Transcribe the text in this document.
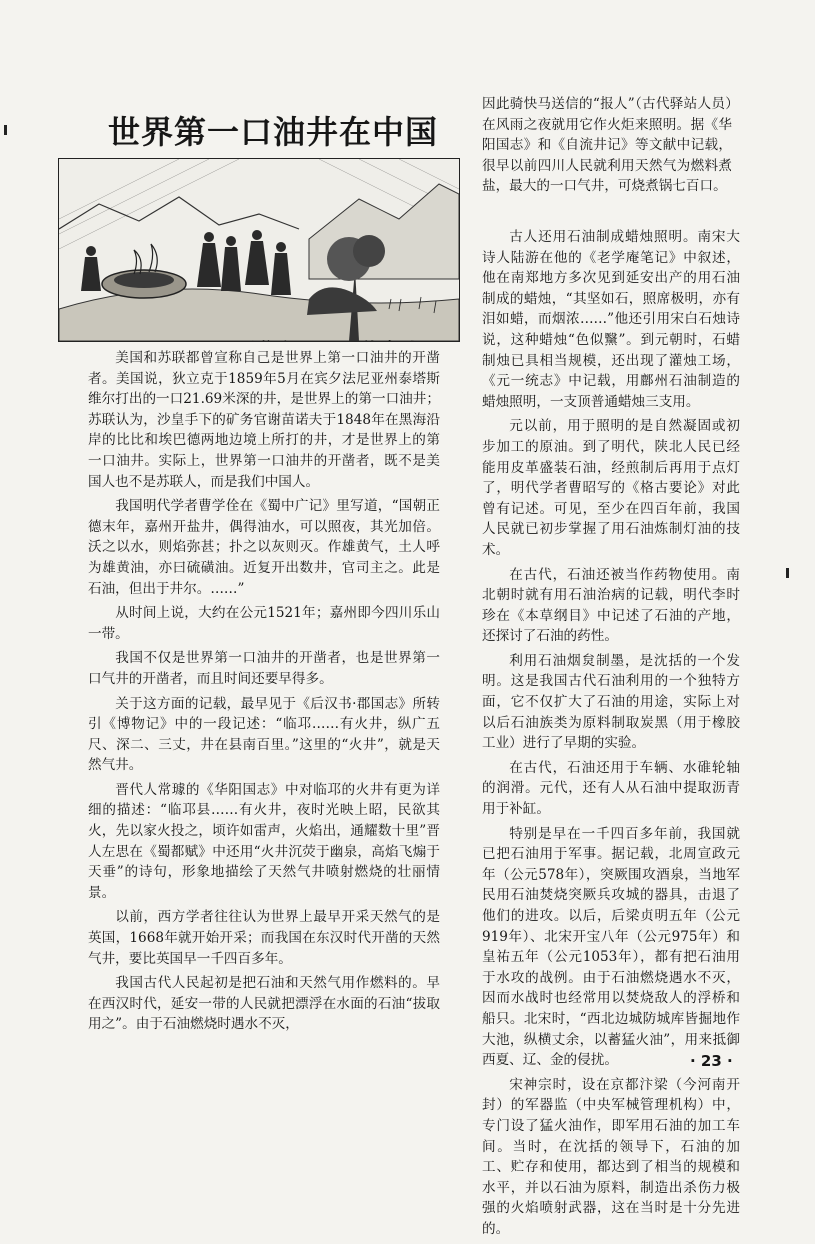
世界第一口油井在中国

美国和苏联都曾宣称自己是世界上第一口油井的开凿者。美国说，狄立克于1859年5月在宾夕法尼亚州泰塔斯维尔打出的一口21.69米深的井，是世界上的第一口油井；苏联认为，沙皇手下的矿务官谢苗诺夫于1848年在黑海沿岸的比比和埃巴德两地边境上所打的井，才是世界上的第一口油井。实际上，世界第一口油井的开凿者，既不是美国人也不是苏联人，而是我们中国人。

我国明代学者曹学佺在《蜀中广记》里写道，“国朝正德末年，嘉州开盐井，偶得油水，可以照夜，其光加倍。沃之以水，则焰弥甚；扑之以灰则灭。作雄黄气，土人呼为雄黄油，亦曰硫磺油。近复开出数井，官司主之。此是石油，但出于井尔。……”

从时间上说，大约在公元1521年；嘉州即今四川乐山一带。

我国不仅是世界第一口油井的开凿者，也是世界第一口气井的开凿者，而且时间还要早得多。

关于这方面的记载，最早见于《后汉书·郡国志》所转引《博物记》中的一段记述：“临邛……有火井，纵广五尺、深二、三丈，井在县南百里。”这里的“火井”，就是天然气井。

晋代人常璩的《华阳国志》中对临邛的火井有更为详细的描述：“临邛县……有火井，夜时光映上昭，民欲其火，先以家火投之，顷许如雷声，火焰出，通耀数十里”晋人左思在《蜀都赋》中还用“火井沉荧于幽泉，高焰飞煽于天垂”的诗句，形象地描绘了天然气井喷射燃烧的壮丽情景。

以前，西方学者往往认为世界上最早开采天然气的是英国，1668年就开始开采；而我国在东汉时代开凿的天然气井，要比英国早一千四百多年。

我国古代人民起初是把石油和天然气用作燃料的。早在西汉时代，延安一带的人民就把漂浮在水面的石油“拔取用之”。由于石油燃烧时遇水不灭，

因此骑快马送信的“报人”（古代驿站人员）在风雨之夜就用它作火炬来照明。据《华阳国志》和《自流井记》等文献中记载，很早以前四川人民就利用天然气为燃料煮盐，最大的一口气井，可烧煮锅七百口。

古人还用石油制成蜡烛照明。南宋大诗人陆游在他的《老学庵笔记》中叙述，他在南郑地方多次见到延安出产的用石油制成的蜡烛，“其坚如石，照席极明，亦有泪如蜡，而烟浓……”他还引用宋白石烛诗说，这种蜡烛“色似黳”。到元朝时，石蜡制烛已具相当规模，还出现了灌烛工场，《元一统志》中记载，用鄜州石油制造的蜡烛照明，一支顶普通蜡烛三支用。

元以前，用于照明的是自然凝固或初步加工的原油。到了明代，陕北人民已经能用皮革盛装石油，经煎制后再用于点灯了，明代学者曹昭写的《格古要论》对此曾有记述。可见，至少在四百年前，我国人民就已初步掌握了用石油炼制灯油的技术。

在古代，石油还被当作药物使用。南北朝时就有用石油治病的记载，明代李时珍在《本草纲目》中记述了石油的产地，还探讨了石油的药性。

利用石油烟炱制墨，是沈括的一个发明。这是我国古代石油利用的一个独特方面，它不仅扩大了石油的用途，实际上对以后石油族类为原料制取炭黑（用于橡胶工业）进行了早期的实验。

在古代，石油还用于车辆、水碓轮轴的润滑。元代，还有人从石油中提取沥青用于补缸。

特别是早在一千四百多年前，我国就已把石油用于军事。据记载，北周宣政元年（公元578年），突厥围攻酒泉，当地军民用石油焚烧突厥兵攻城的器具，击退了他们的进攻。以后，后梁贞明五年（公元919年）、北宋开宝八年（公元975年）和皇祐五年（公元1053年），都有把石油用于水攻的战例。由于石油燃烧遇水不灭，因而水战时也经常用以焚烧敌人的浮桥和船只。北宋时，“西北边城防城库皆掘地作大池，纵横丈余，以蓄猛火油”，用来抵御西夏、辽、金的侵扰。

宋神宗时，设在京都汴梁（今河南开封）的军器监（中央军械管理机构）中，专门设了猛火油作，即军用石油的加工车间。当时，在沈括的领导下，石油的加工、贮存和使用，都达到了相当的规模和水平，并以石油为原料，制造出杀伤力极强的火焰喷射武器，这在当时是十分先进的。

· 23 ·
